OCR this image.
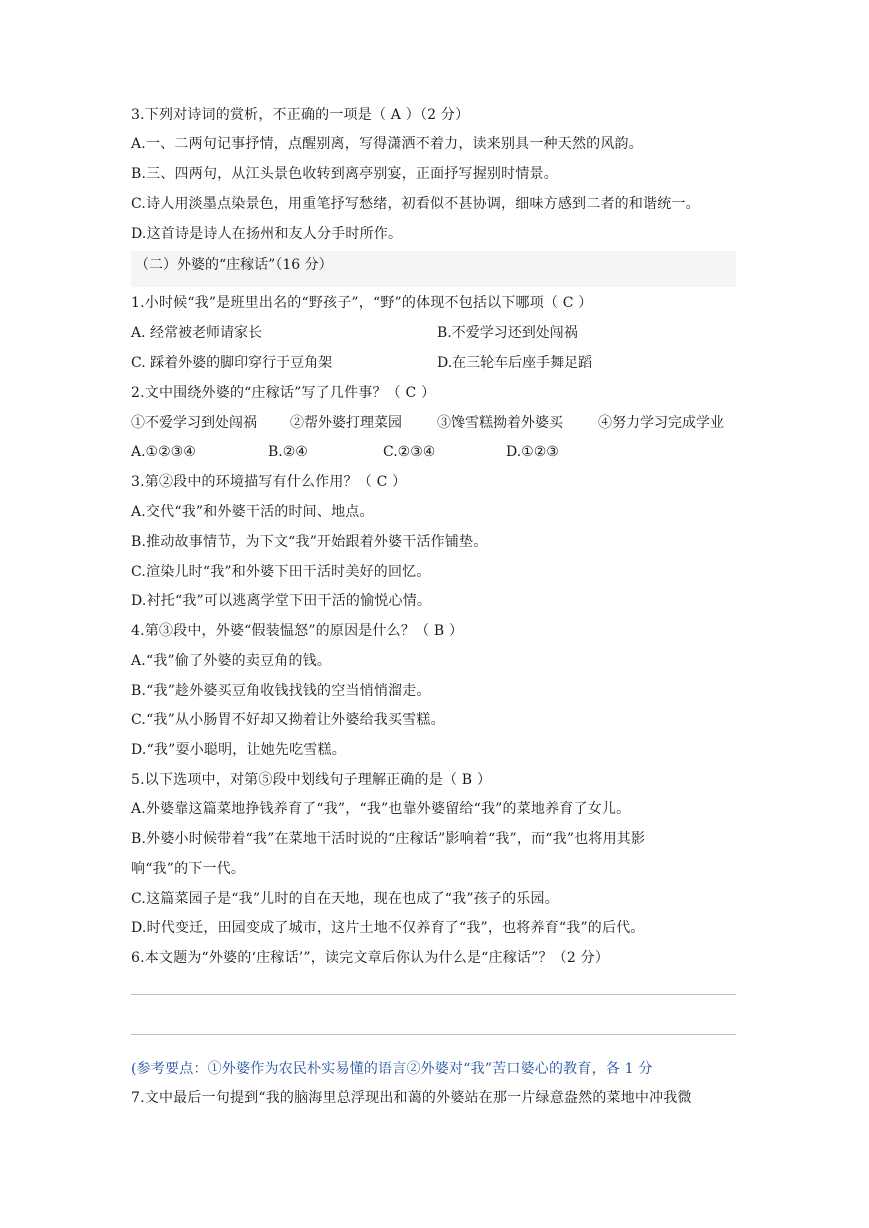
3.下列对诗词的赏析，不正确的一项是（ A ）（2 分）
A.一、二两句记事抒情，点醒别离，写得潇洒不着力，读来别具一种天然的风韵。
B.三、四两句，从江头景色收转到离亭别宴，正面抒写握别时情景。
C.诗人用淡墨点染景色，用重笔抒写愁绪，初看似不甚协调，细味方感到二者的和谐统一。
D.这首诗是诗人在扬州和友人分手时所作。
（二）外婆的“庄稼话”（16 分）
1.小时候“我”是班里出名的“野孩子”，“野”的体现不包括以下哪项（ C ）
A. 经常被老师请家长	B.不爱学习还到处闯祸
C. 踩着外婆的脚印穿行于豆角架	D.在三轮车后座手舞足蹈
2.文中围绕外婆的“庄稼话”写了几件事？（ C ）
①不爱学习到处闯祸 ②帮外婆打理菜园	③馋雪糕拗着外婆买	④努力学习完成学业
A.①②③④	B.②④	C.②③④	D.①②③
3.第②段中的环境描写有什么作用？（ C ）
A.交代“我”和外婆干活的时间、地点。
B.推动故事情节，为下文“我”开始跟着外婆干活作铺垫。
C.渲染儿时“我”和外婆下田干活时美好的回忆。
D.衬托“我”可以逃离学堂下田干活的愉悦心情。
4.第③段中，外婆“假装愠怒”的原因是什么？（ B ）
A.“我”偷了外婆的卖豆角的钱。
B.“我”趁外婆买豆角收钱找钱的空当悄悄溜走。
C.“我”从小肠胃不好却又拗着让外婆给我买雪糕。
D.“我”耍小聪明，让她先吃雪糕。
5.以下选项中，对第⑤段中划线句子理解正确的是（ B ）
A.外婆靠这篇菜地挣钱养育了“我”，“我”也靠外婆留给“我”的菜地养育了女儿。
B.外婆小时候带着“我”在菜地干活时说的“庄稼话”影响着“我”，而“我”也将用其影
响“我”的下一代。
C.这篇菜园子是“我”儿时的自在天地，现在也成了“我”孩子的乐园。
D.时代变迁，田园变成了城市，这片土地不仅养育了“我”，也将养育“我”的后代。
6.本文题为“外婆的‘庄稼话’”，读完文章后你认为什么是“庄稼话”？（2 分）
(参考要点：①外婆作为农民朴实易懂的语言②外婆对“我”苦口婆心的教育，各 1 分
7.文中最后一句提到“我的脑海里总浮现出和蔼的外婆站在那一片绿意盎然的菜地中冲我微
